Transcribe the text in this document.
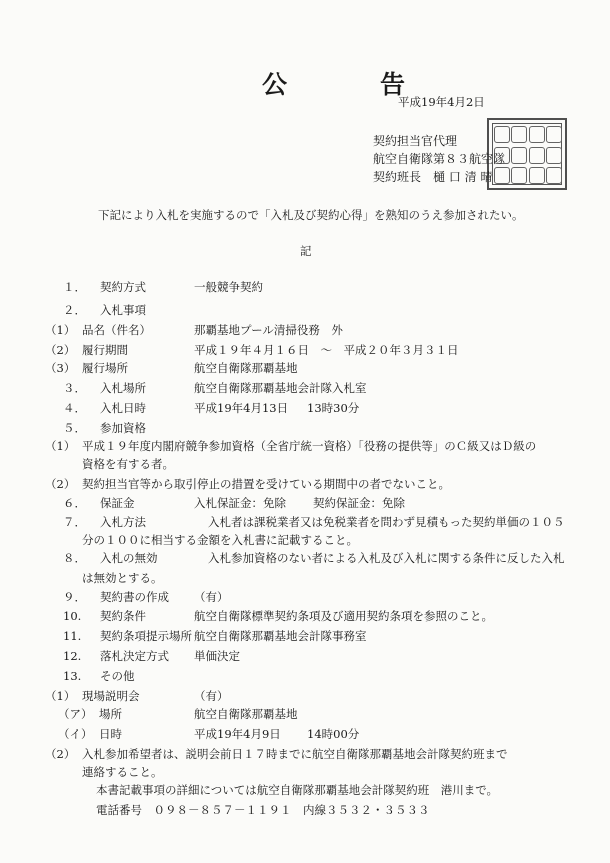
公　告
平成19年4月2日
契約担当官代理
航空自衛隊第８３航空隊
契約班長　樋 口 清 晴
下記により入札を実施するので「入札及び契約心得」を熟知のうえ参加されたい。
記
１． 契約方式	一般競争契約
２． 入札事項
（1） 品名（件名）	那覇基地プール清掃役務　外
（2） 履行期間	平成１９年４月１６日　～　平成２０年３月３１日
（3） 履行場所	航空自衛隊那覇基地
３． 入札場所	航空自衛隊那覇基地会計隊入札室
４． 入札日時	平成19年4月13日 13時30分
５． 参加資格
（1） 平成１９年度内閣府競争参加資格（全省庁統一資格）「役務の提供等」のＣ級又はＤ級の
資格を有する者。
（2） 契約担当官等から取引停止の措置を受けている期間中の者でないこと。
６． 保証金	入札保証金：免除 契約保証金：免除
７． 入札方法	入札者は課税業者又は免税業者を問わず見積もった契約単価の１０５
分の１００に相当する金額を入札書に記載すること。
８． 入札の無効	入札参加資格のない者による入札及び入札に関する条件に反した入札
は無効とする。
９． 契約書の作成 （有）
10. 契約条件	航空自衛隊標準契約条項及び適用契約条項を参照のこと。
11. 契約条項提示場所 航空自衛隊那覇基地会計隊事務室
12. 落札決定方式 単価決定
13. その他
（1） 現場説明会	（有）
（ア） 場所	航空自衛隊那覇基地
（イ） 日時	平成19年4月9日 14時00分
（2） 入札参加希望者は、説明会前日１７時までに航空自衛隊那覇基地会計隊契約班まで
連絡すること。
本書記載事項の詳細については航空自衛隊那覇基地会計隊契約班　港川まで。
電話番号　０９８－８５７－１１９１　内線３５３２・３５３３
